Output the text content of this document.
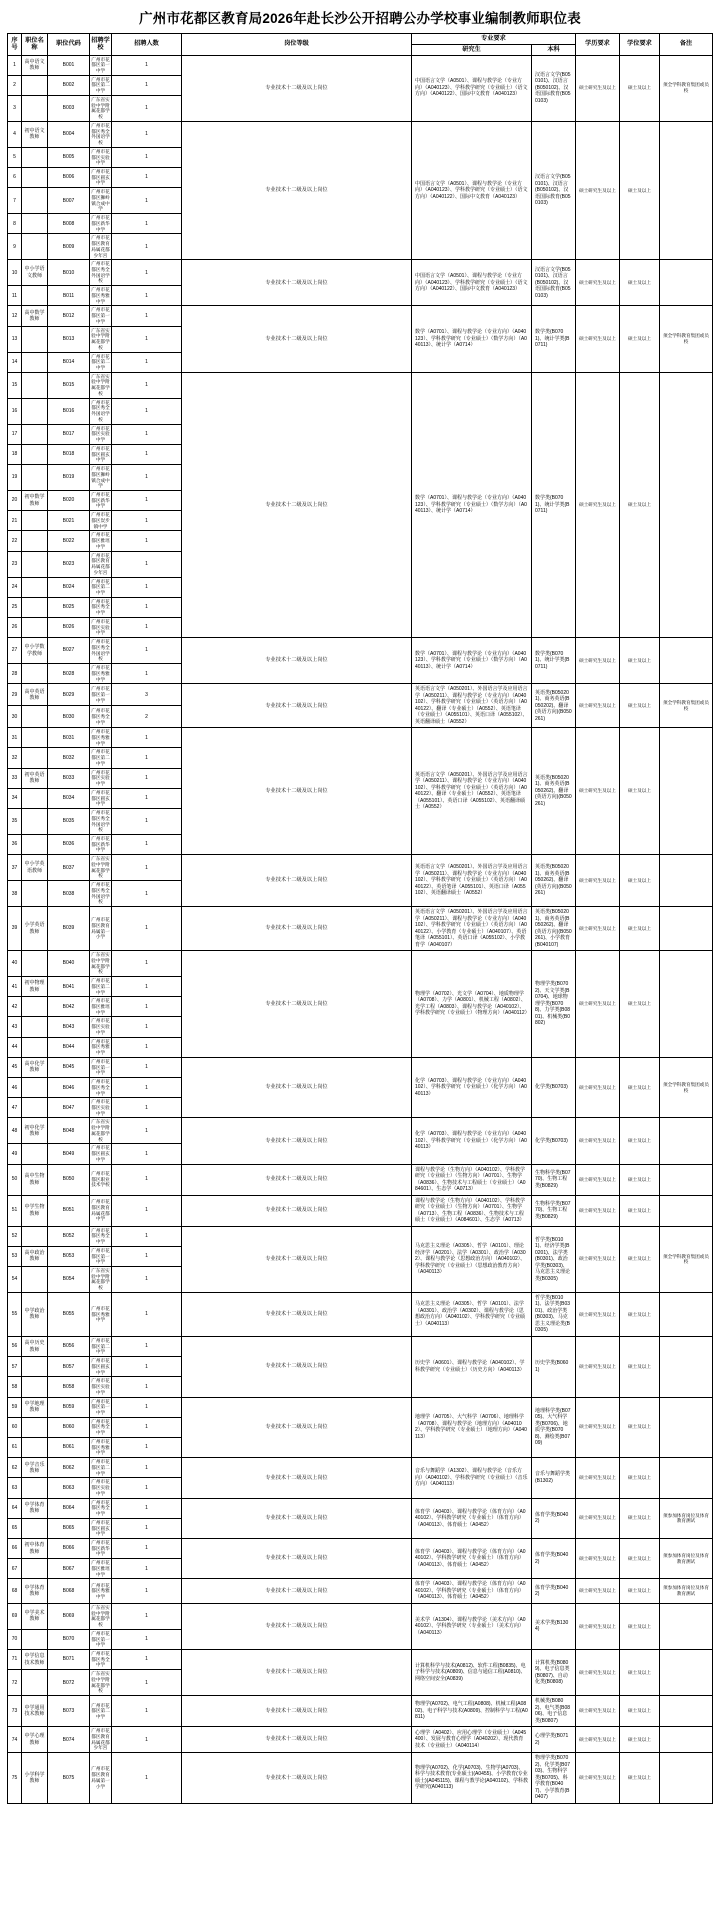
广州市花都区教育局2026年赴长沙公开招聘公办学校事业编制教师职位表
序号	职位名称	职位代码	招聘学校	招聘人数	岗位等级	专业要求		学历要求	学位要求	备注
						研究生	本科			
1	高中语文教师	B001	广州市花都区第一中学	1	专业技术十二级及以上岗位	中国语言文学（A0501）、课程与教学论（专业方向）（A040123）、学科教学研究（专业硕士）（语文方向）（A040122）、国际中文教育（A040123）	汉语言文学(B050101)、汉语言(B050102)、汉语国际教育(B050103)	硕士研究生及以上	硕士及以上	须全学科教育集团或员校
2		B002	广州市花都区第二中学	1						
3		B003	广东省实验中学附属花都学校	1						
4	初中语文教师	B004	广州市花都区秀全外国语学校	1	专业技术十二级及以上岗位	中国语言文学（A0501）、课程与教学论（专业方向）（A040123）、学科教学研究（专业硕士）（语文方向）（A040122）、国际中文教育（A040123）	汉语言文学(B050101)、汉语言(B050102)、汉语国际教育(B050103)	硕士研究生及以上	硕士及以上	
5		B005	广州市花都区实验中学	1						
6		B006	广州市花都区圆玄中学	1						
7		B007	广州市花都区狮岭镇合成中学	1						
8		B008	广州市花都区新华中学	1						
9		B009	广州市花都区教育局属花都少年宫	1						
10	中小学语文教师	B010	广州市花都区秀全外国语学校	1	专业技术十二级及以上岗位	中国语言文学（A0501）、课程与教学论（专业方向）（A040123）、学科教学研究（专业硕士）（语文方向）（A040122）、国际中文教育（A040123）	汉语言文学(B050101)、汉语言(B050102)、汉语国际教育(B050103)	硕士研究生及以上	硕士及以上	
11		B011	广州市花都区秀雅中学	1						
12	高中数学教师	B012	广州市花都区第一中学	1	专业技术十二级及以上岗位	数学（A0701）、课程与教学论（专业方向）（A040123）、学科教学研究（专业硕士）（数学方向）（A040113）、统计学（A0714）	数学类(B0701)、统计学类(B0711)	硕士研究生及以上	硕士及以上	须全学科教育集团或员校
13		B013	广东省实验中学附属花都学校	1						
14		B014	广州市花都区第二中学	1						
15		B015	广东省实验中学附属花都学校	1	专业技术十二级及以上岗位	数学（A0701）、课程与教学论（专业方向）（A040123）、学科教学研究（专业硕士）（数学方向）（A040113）、统计学（A0714）	数学类(B0701)、统计学类(B0711)	硕士研究生及以上	硕士及以上	
16		B016	广州市花都区秀全外国语学校	1						
17		B017	广州市花都区实验中学	1						
18		B018	广州市花都区圆玄中学	1						
19		B019	广州市花都区狮岭镇合成中学	1						
20	初中数学教师	B020	广州市花都区新华中学	1						
21		B021	广州市花都区炭步镇中学	1						
22		B022	广州市花都区雅瑶中学	1						
23		B023	广州市花都区教育局属花都少年宫	1						
24		B024	广州市花都区第二中学	1						
25		B025	广州市花都区秀全中学	1						
26		B026	广州市花都区实验中学	1						
27	中小学数学教师	B027	广州市花都区秀全外国语学校	1	专业技术十二级及以上岗位	数学（A0701）、课程与教学论（专业方向）（A040123）、学科教学研究（专业硕士）（数学方向）（A040113）、统计学（A0714）	数学类(B0701)、统计学类(B0711)	硕士研究生及以上	硕士及以上	
28		B028	广州市花都区秀雅中学	1						
29	高中英语教师	B029	广州市花都区第一中学	3	专业技术十二级及以上岗位	英语语言文学（A050201）、外国语言学及应用语言学（A050211）、课程与教学论（专业方向）（A040102）、学科教学研究（专业硕士）（英语方向）（A040122）、翻译（专业硕士）（A0552）、英语笔译（专业硕士）（A055101）、英语口译（A055102）、英语翻译硕士（A0552）	英语类(B050201)、商务英语(B050202)、翻译(英语方向)(B050261)	硕士研究生及以上	硕士及以上	须全学科教育集团或员校
30		B030	广州市花都区秀全中学	2						
31		B031	广州市花都区秀雅中学	1	专业技术十二级及以上岗位	英语语言文学（A050201）、外国语言学及应用语言学（A050211）、课程与教学论（专业方向）（A040102）、学科教学研究（专业硕士）（英语方向）（A040122）、翻译（专业硕士）（A0552）、英语笔译（A055101）、英语口译（A055102）、英语翻译硕士（A0552）	英语类(B050201)、商务英语(B050262)、翻译(英语方向)(B050261)	硕士研究生及以上	硕士及以上	
32		B032	广州市花都区第二中学	1						
33	初中英语教师	B033	广州市花都区实验中学	1						
34		B034	广州市花都区圆玄中学	1						
35		B035	广州市花都区秀全外国语学校	1						
36		B036	广州市花都区新华中学	1						
37	中小学英语教师	B037	广东省实验中学附属花都学校	1	专业技术十二级及以上岗位	英语语言文学（A050201）、外国语言学及应用语言学（A050211）、课程与教学论（专业方向）（A040102）、学科教学研究（专业硕士）（英语方向）（A040122）、英语笔译（A055101）、英语口译（A055102）、英语翻译硕士（A0552）	英语类(B050201)、商务英语(B050262)、翻译(英语方向)(B050261)	硕士研究生及以上	硕士及以上	
38		B038	广州市花都区秀全外国语学校	1						
39	小学英语教师	B039	广州市花都区教育局属第一小学	1	专业技术十二级及以上岗位	英语语言文学（A050201）、外国语言学及应用语言学（A050211）、课程与教学论（专业方向）（A040102）、学科教学研究（专业硕士）（英语方向）（A040122）、小学教育（专业硕士）（A040107）、英语笔译（A055101）、英语口译（A055102）、小学教育学（A040107）	英语类(B050201)、商务英语(B050262)、翻译(英语方向)(B050261)、小学教育(B040107)	硕士研究生及以上	硕士及以上	
40		B040	广东省实验中学附属花都学校	1	专业技术十二级及以上岗位	物理学（A0702）、光文学（A0704）、地质物理学（A0708）、力学（A0801）、机械工程（A0802）、光学工程（A0803）、课程与教学论（A040102）、学科教学研究（专业硕士）（物理方向）（A040112）	物理学类(B0702)、天文学类(B0704)、地球物理学类(B0708)、力学类(B0801)、机械类(B0802)	硕士研究生及以上	硕士及以上	
41	初中物理教师	B041	广州市花都区第二中学	1						
42		B042	广州市花都区雅瑶中学	1						
43		B043	广州市花都区实验中学	1						
44		B044	广州市花都区秀雅中学	1						
45	高中化学教师	B045	广州市花都区第一中学	1	专业技术十二级及以上岗位	化学（A0703）、课程与教学论（专业方向）（A040102）、学科教学研究（专业硕士）（化学方向）（A040113）	化学类(B0703)	硕士研究生及以上	硕士及以上	须全学科教育集团或员校
46		B046	广州市花都区秀全中学	1						
47		B047	广州市花都区实验中学	1						
48	初中化学教师	B048	广东省实验中学附属花都学校	1	专业技术十二级及以上岗位	化学（A0703）、课程与教学论（专业方向）（A040102）、学科教学研究（专业硕士）（化学方向）（A040113）	化学类(B0703)	硕士研究生及以上	硕士及以上	
49		B049	广州市花都区圆玄中学	1						
50	高中生物教师	B050	广州市花都区职业技术学校	1	专业技术十二级及以上岗位	课程与教学论（生物方向）（A040102）、学科教学研究（专业硕士）（生物方向）（A0701）、生物学（A0836）、生物技术与工程硕士（专业硕士）（A084601）、生态学（A0713）	生物科学类(B0770)、生物工程类(B0829)	硕士研究生及以上	硕士及以上	
51	中学生物教师	B051	广州市花都区教育局属花都中学	1	专业技术十二级及以上岗位	课程与教学论（生物方向）（A040102）、学科教学研究（专业硕士）（生物方向）（A0701）、生物学（A0713）、生物工程（A0836）、生物技术与工程硕士（专业硕士）（A084601）、生态学（A0713）	生物科学类(B0770)、生物工程类(B0829)	硕士研究生及以上	硕士及以上	
52		B052	广州市花都区秀全中学	1	专业技术十二级及以上岗位	马克思主义理论（A0305）、哲学（A0101）、理论经济学（A0201）、法学（A0301）、政治学（A0302）、课程与教学论（思想政治方向）（A040102）、学科教学研究（专业硕士）（思想政治教育方向）（A040113）	哲学类(B0101)、经济学类(B0201)、法学类(B0301)、政治学类(B0303)、马克思主义理论类(B0305)	硕士研究生及以上	硕士及以上	须全学科教育集团或员校
53	高中政治教师	B053	广州市花都区第一中学	1						
54		B054	广东省实验中学附属花都学校	1						
55	中学政治教师	B055	广州市花都区秀雅中学	1	专业技术十二级及以上岗位	马克思主义理论（A0305）、哲学（A0101）、法学（A0301）、政治学（A0302）、课程与教学论（思想政治方向）（A040102）、学科教学研究（专业硕士）（A040113）	哲学类(B0101)、法学类(B0301)、政治学类(B0303)、马克思主义理论类(B0305)	硕士研究生及以上	硕士及以上	
56	高中历史教师	B056	广州市花都区第二中学	1	专业技术十二级及以上岗位	历史学（A0601）、课程与教学论（A040102）、学科教学研究（专业硕士）（历史方向）（A040113）	历史学类(B0601)	硕士研究生及以上	硕士及以上	
57		B057	广州市花都区圆玄中学	1						
58		B058	广州市花都区实验中学	1						
59	中学地理教师	B059	广州市花都区第一中学	1	专业技术十二级及以上岗位	地理学（A0705）、大气科学（A0706）、地理科学（A0708）、课程与教学论（地理方向）（A040102）、学科教学研究（专业硕士）（地理方向）（A040113）	地理科学类(B0705)、大气科学类(B0706)、地质学类(B0708)、测绘类(B0709)	硕士研究生及以上	硕士及以上	
60		B060	广州市花都区秀全中学	1						
61		B061	广州市花都区秀雅中学	1						
62	中学音乐教师	B062	广州市花都区第二中学	1	专业技术十二级及以上岗位	音乐与舞蹈学（A1302）、课程与教学论（音乐方向）（A040102）、学科教学研究（专业硕士）（音乐方向）（A040113）	音乐与舞蹈学类(B1302)	硕士研究生及以上	硕士及以上	
63		B063	广州市花都区实验中学	1						
64	中学体育教师	B064	广州市花都区秀全中学	1	专业技术十二级及以上岗位	体育学（A0403）、课程与教学论（体育方向）（A040102）、学科教学研究（专业硕士）（体育方向）（A040113）、体育硕士（A0452）	体育学类(B0402)	硕士研究生及以上	硕士及以上	须参加体育岗位及体育教育测试
65		B065	广州市花都区圆玄中学	1						
66	初中体育教师	B066	广州市花都区新华中学	1	专业技术十二级及以上岗位	体育学（A0403）、课程与教学论（体育方向）（A040102）、学科教学研究（专业硕士）（体育方向）（A040113）、体育硕士（A0452）	体育学类(B0402)	硕士研究生及以上	硕士及以上	须参加体育岗位及体育教育测试
67		B067	广州市花都区雅瑶中学	1						
68	中学体育教师	B068	广州市花都区秀雅中学	1	专业技术十二级及以上岗位	体育学（A0403）、课程与教学论（体育方向）（A040102）、学科教学研究（专业硕士）（体育方向）（A040113）、体育硕士（A0452）	体育学类(B0402)	硕士研究生及以上	硕士及以上	须参加体育岗位及体育教育测试
69	中学美术教师	B069	广东省实验中学附属花都学校	1	专业技术十二级及以上岗位	美术学（A1304）、课程与教学论（美术方向）（A040102）、学科教学研究（专业硕士）（美术方向）（A040113）	美术学类(B1304)	硕士研究生及以上	硕士及以上	
70		B070	广州市花都区第一中学	1						
71	中学信息技术教师	B071	广州市花都区秀全中学	1	专业技术十二级及以上岗位	计算机科学与技术(A0812)、软件工程(B0835)、电子科学与技术(A0809)、信息与通信工程(A0810)、网络空间安全(A0839)	计算机类(B0809)、电子信息类(B0807)、自动化类(B0808)	硕士研究生及以上	硕士及以上	
72		B072	广东省实验中学附属花都学校	1						
73	中学通用技术教师	B073	广州市花都区第二中学	1	专业技术十二级及以上岗位	物理学(A0702)、电气工程(A0808)、机械工程(A0802)、电子科学与技术(A0809)、控制科学与工程(A0811)	机械类(B0802)、电气类(B0806)、电子信息类(B0807)	硕士研究生及以上	硕士及以上	
74	中学心理教师	B074	广州市花都区教育局属花都少年宫	1	专业技术十二级及以上岗位	心理学（A0402）、应用心理学（专业硕士）（A045400）、发展与教育心理学（A040202）、现代教育技术（专业硕士）（A040114）	心理学类(B0712)	硕士研究生及以上	硕士及以上	
75	小学科学教师	B075	广州市花都区教育局属第一小学	1	专业技术十二级及以上岗位	物理学(A0702)、化学(A0703)、生物学(A0703)、科学与技术教育(专业硕士)(A0455)、小学教育(专业硕士)(A045115)、课程与教学论(A040102)、学科教学研究(A040113)	物理学类(B0702)、化学类(B0703)、生物科学类(B0705)、科学教育(B0407)、小学教育(B0407)	硕士研究生及以上	硕士及以上	
